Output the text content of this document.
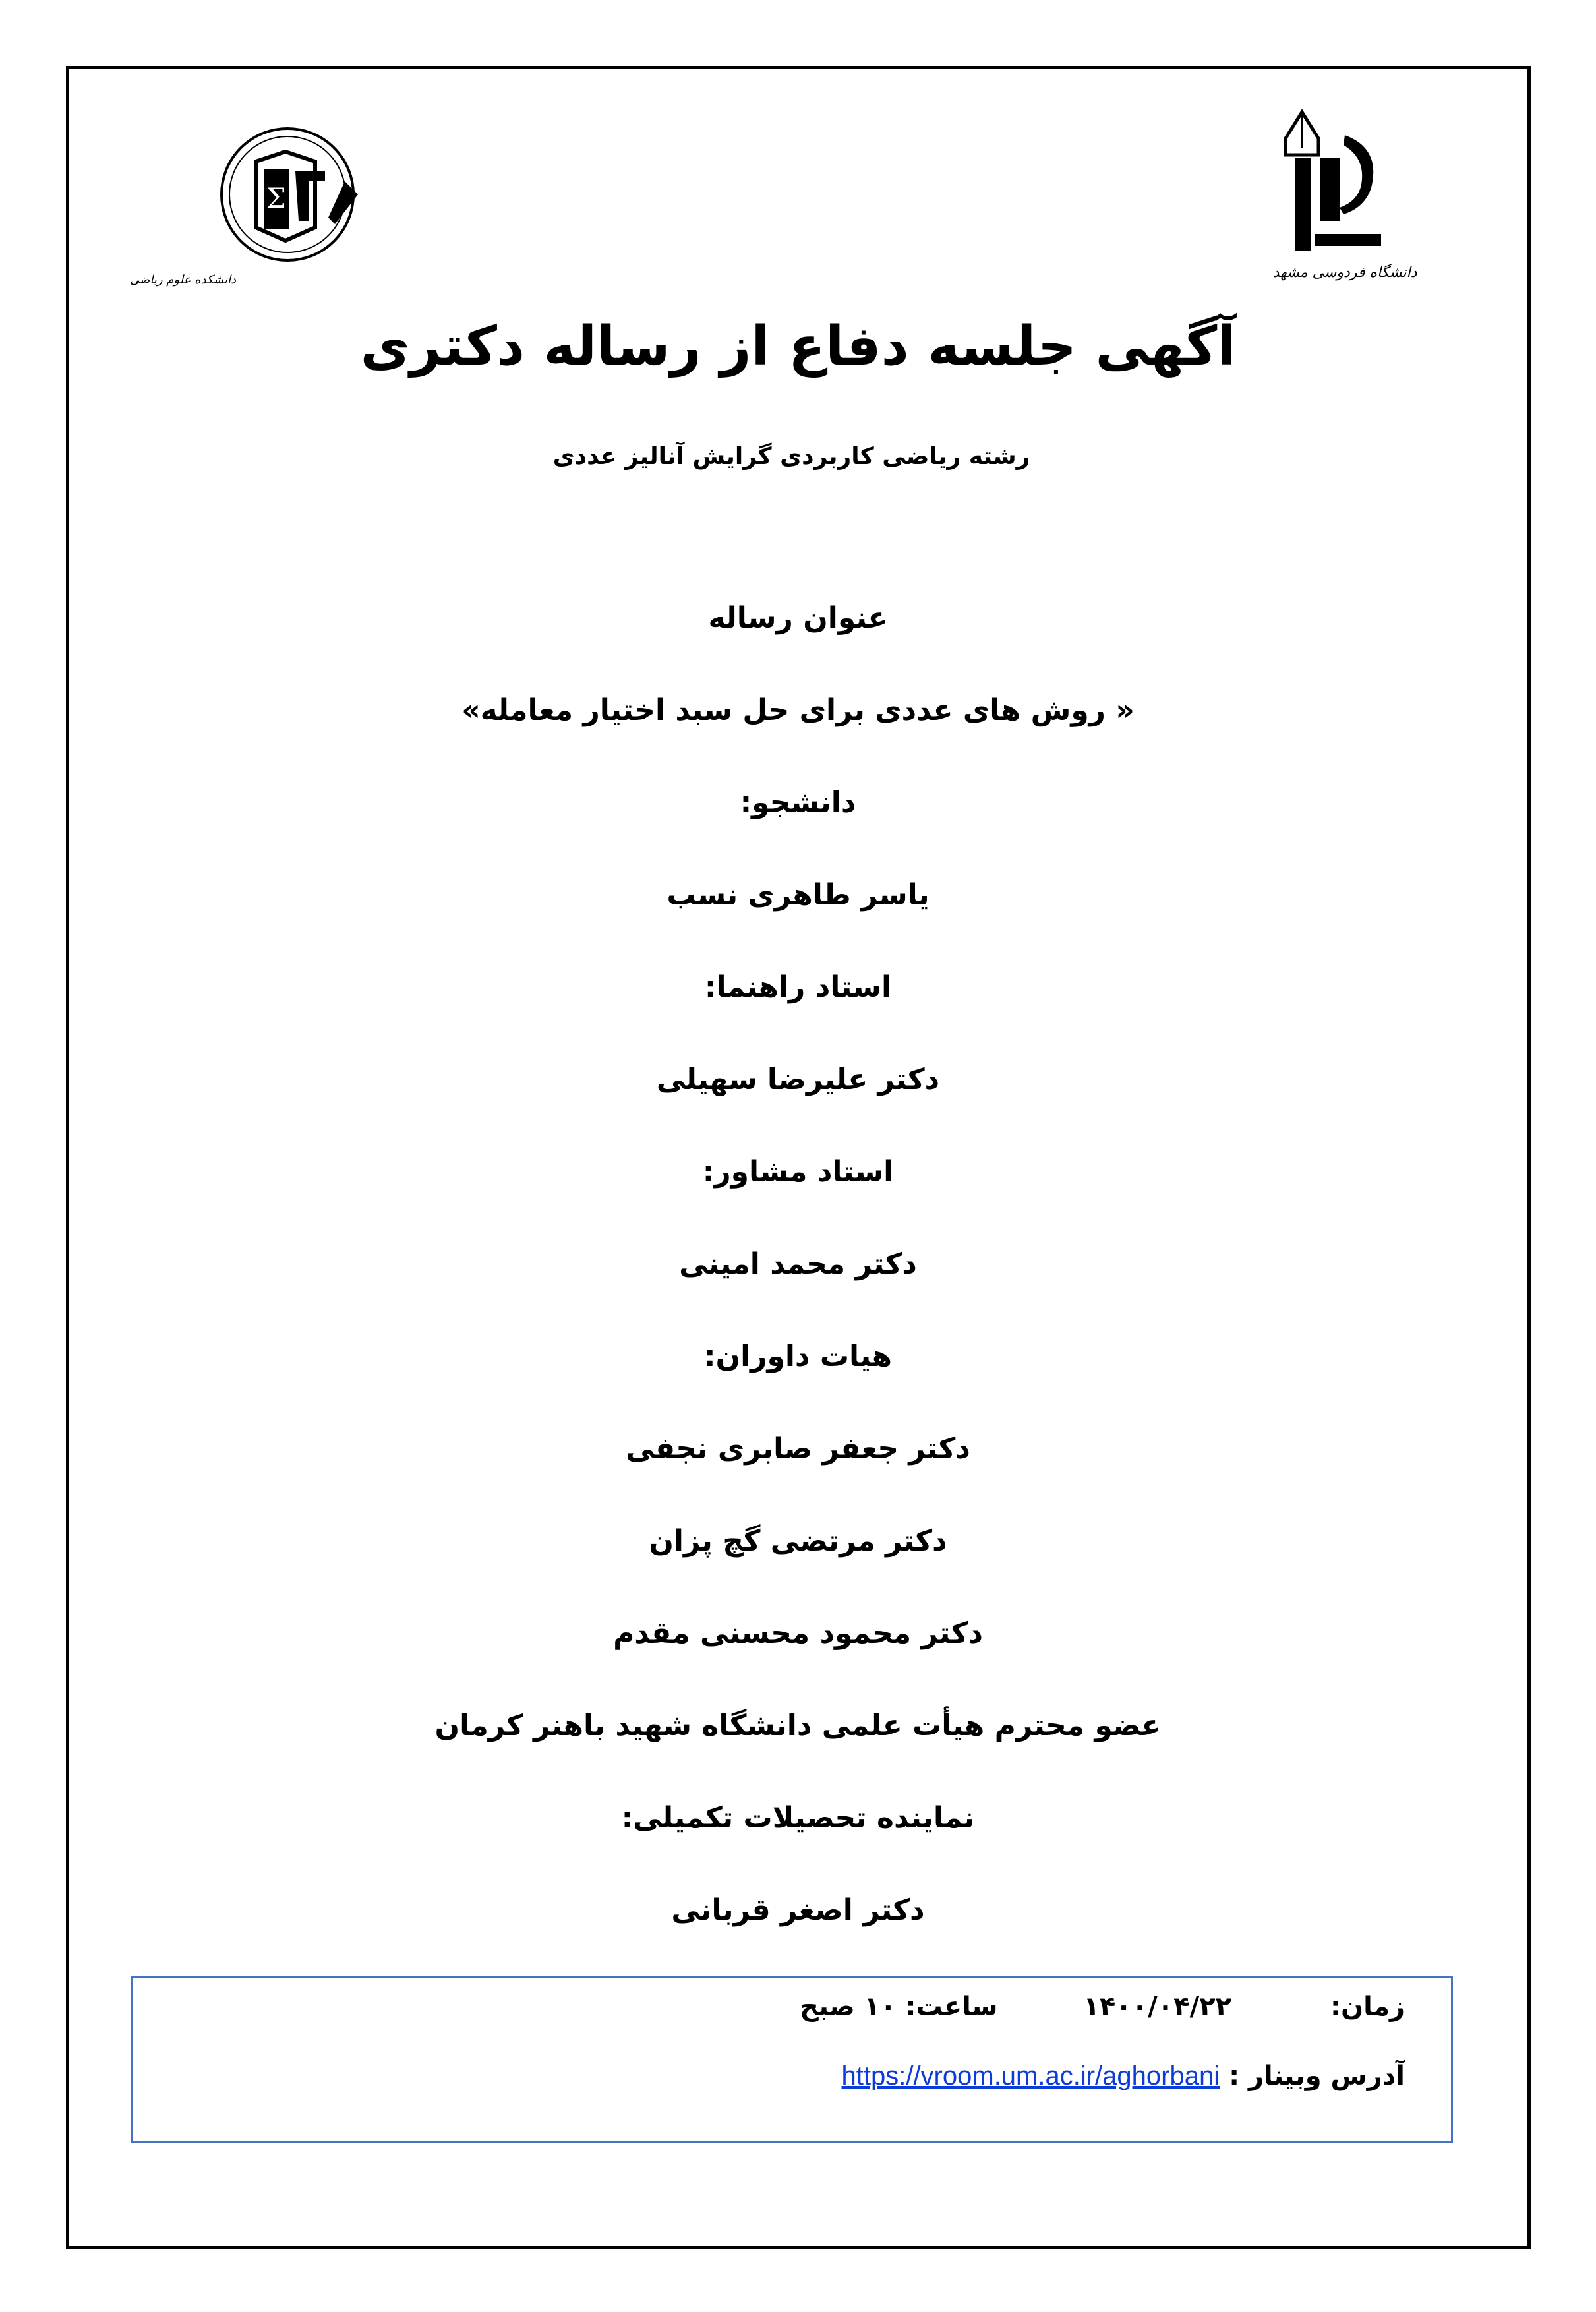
Σ
دانشکده علوم ریاضی	دانشگاه فردوسی مشهد
آگهی جلسه دفاع از رساله دکتری
رشته ریاضی کاربردی گرایش آنالیز عددی
عنوان رساله
« روش های عددی برای حل سبد اختیار معامله»
دانشجو:
یاسر طاهری نسب
استاد راهنما:
دکتر علیرضا سهیلی
استاد مشاور:
دکتر محمد امینی
هیات داوران:
دکتر جعفر صابری نجفی
دکتر مرتضی گچ پزان
دکتر محمود محسنی مقدم
عضو محترم هیأت علمی دانشگاه شهید باهنر کرمان
نماینده تحصیلات تکمیلی:
دکتر اصغر قربانی
زمان:
۱۴۰۰/۰۴/۲۲
ساعت: ۱۰ صبح
آدرس وبینار :
https://vroom.um.ac.ir/aghorbani
